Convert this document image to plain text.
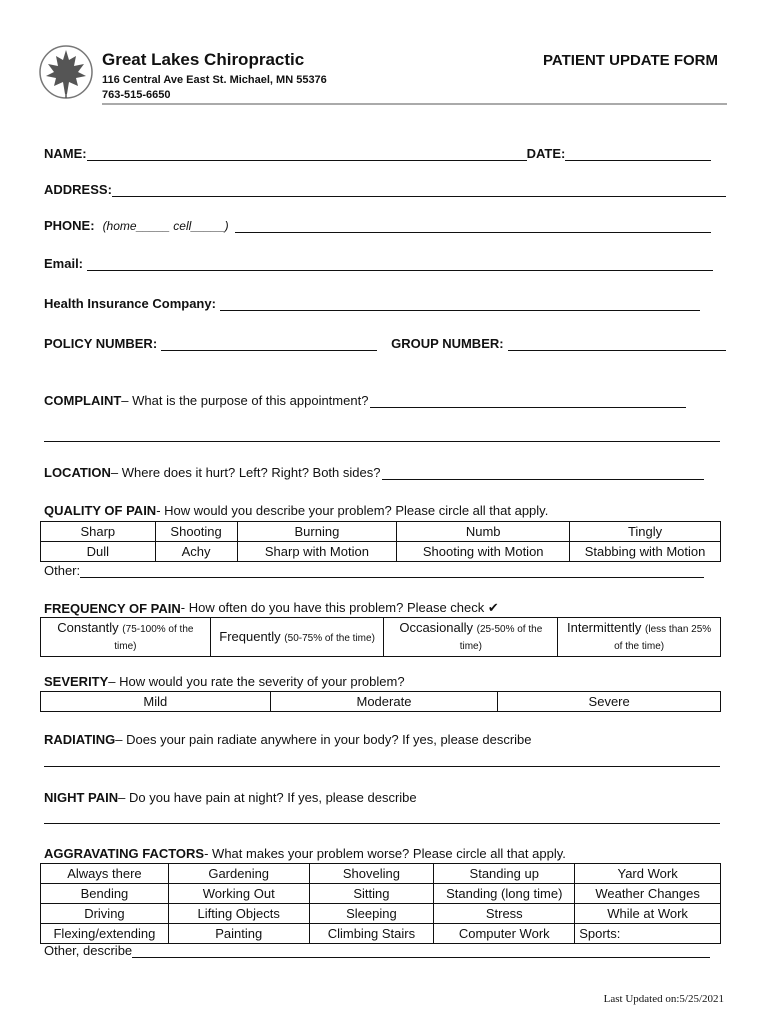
Great Lakes Chiropractic
116 Central Ave East St. Michael, MN 55376
763-515-6650
PATIENT UPDATE FORM
NAME:	DATE:
ADDRESS:
PHONE: (home_____ cell_____)
Email:
Health Insurance Company:
POLICY NUMBER:	GROUP NUMBER:
COMPLAINT – What is the purpose of this appointment?
LOCATION – Where does it hurt? Left? Right? Both sides?
QUALITY OF PAIN - How would you describe your problem? Please circle all that apply.
Sharp	Shooting	Burning	Numb	Tingly
Dull	Achy	Sharp with Motion	Shooting with Motion	Stabbing with Motion
Other:
FREQUENCY OF PAIN - How often do you have this problem? Please check ✔
Constantly (75-100% of the time)	Frequently (50-75% of the time)	Occasionally (25-50% of the time)	Intermittently (less than 25% of the time)
SEVERITY – How would you rate the severity of your problem?
Mild	Moderate	Severe
RADIATING – Does your pain radiate anywhere in your body? If yes, please describe
NIGHT PAIN – Do you have pain at night? If yes, please describe
AGGRAVATING FACTORS - What makes your problem worse? Please circle all that apply.
Always there	Gardening	Shoveling	Standing up	Yard Work
Bending	Working Out	Sitting	Standing (long time)	Weather Changes
Driving	Lifting Objects	Sleeping	Stress	While at Work
Flexing/extending	Painting	Climbing Stairs	Computer Work	Sports:
Other, describe
Last Updated on:5/25/2021
